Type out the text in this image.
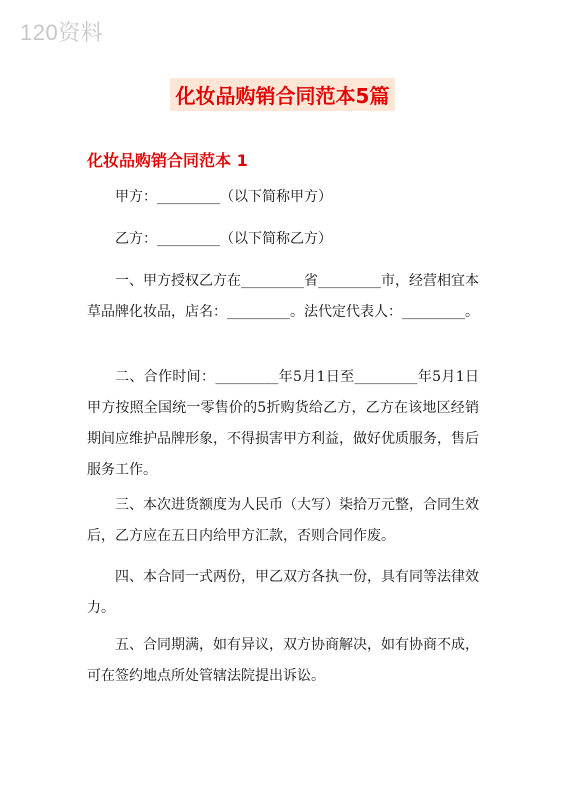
120资料
化妆品购销合同范本5篇
化妆品购销合同范本 1

甲方：_________（以下简称甲方）

乙方：_________（以下简称乙方）

一、甲方授权乙方在_________省_________市，经营相宜本草品牌化妆品，店名：_________。法代定代表人：_________。

二、合作时间：_________年5月1日至_________年5月1日甲方按照全国统一零售价的5折购货给乙方，乙方在该地区经销期间应维护品牌形象，不得损害甲方利益，做好优质服务，售后服务工作。

三、本次进货额度为人民币（大写）柒拾万元整，合同生效后，乙方应在五日内给甲方汇款，否则合同作废。

四、本合同一式两份，甲乙双方各执一份，具有同等法律效力。

五、合同期满，如有异议，双方协商解决，如有协商不成，可在签约地点所处管辖法院提出诉讼。
